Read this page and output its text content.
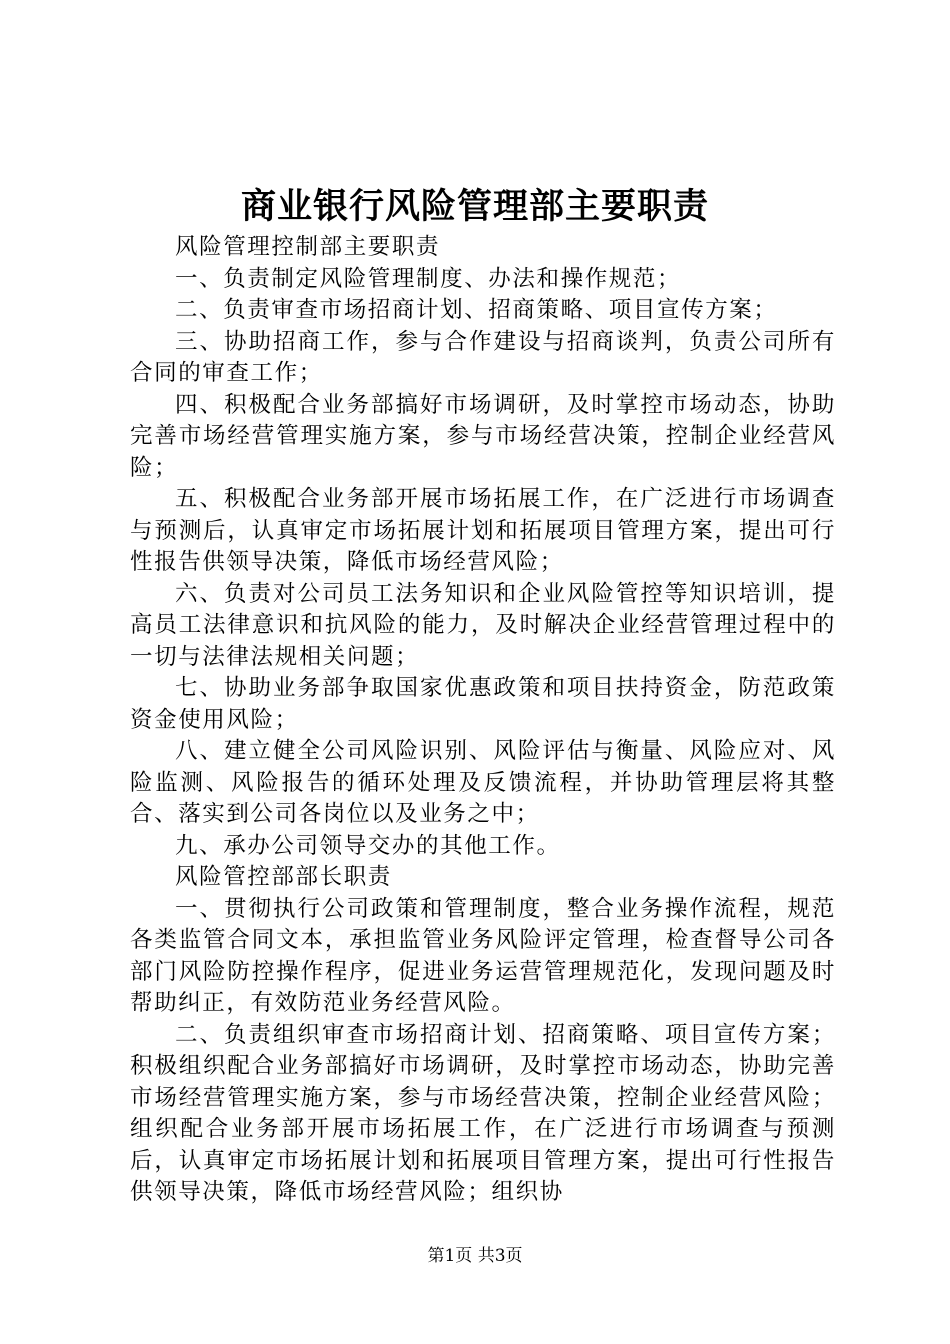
商业银行风险管理部主要职责

风险管理控制部主要职责

一、负责制定风险管理制度、办法和操作规范；

二、负责审查市场招商计划、招商策略、项目宣传方案；

三、协助招商工作，参与合作建设与招商谈判，负责公司所有合同的审查工作；

四、积极配合业务部搞好市场调研，及时掌控市场动态，协助完善市场经营管理实施方案，参与市场经营决策，控制企业经营风险；

五、积极配合业务部开展市场拓展工作，在广泛进行市场调查与预测后，认真审定市场拓展计划和拓展项目管理方案，提出可行性报告供领导决策，降低市场经营风险；

六、负责对公司员工法务知识和企业风险管控等知识培训，提高员工法律意识和抗风险的能力，及时解决企业经营管理过程中的一切与法律法规相关问题；

七、协助业务部争取国家优惠政策和项目扶持资金，防范政策资金使用风险；

八、建立健全公司风险识别、风险评估与衡量、风险应对、风险监测、风险报告的循环处理及反馈流程，并协助管理层将其整合、落实到公司各岗位以及业务之中；

九、承办公司领导交办的其他工作。

风险管控部部长职责

一、贯彻执行公司政策和管理制度，整合业务操作流程，规范各类监管合同文本，承担监管业务风险评定管理，检查督导公司各部门风险防控操作程序，促进业务运营管理规范化，发现问题及时帮助纠正，有效防范业务经营风险。

二、负责组织审查市场招商计划、招商策略、项目宣传方案；积极组织配合业务部搞好市场调研，及时掌控市场动态，协助完善市场经营管理实施方案，参与市场经营决策，控制企业经营风险；组织配合业务部开展市场拓展工作，在广泛进行市场调查与预测后，认真审定市场拓展计划和拓展项目管理方案，提出可行性报告供领导决策，降低市场经营风险；组织协

第1页 共3页
